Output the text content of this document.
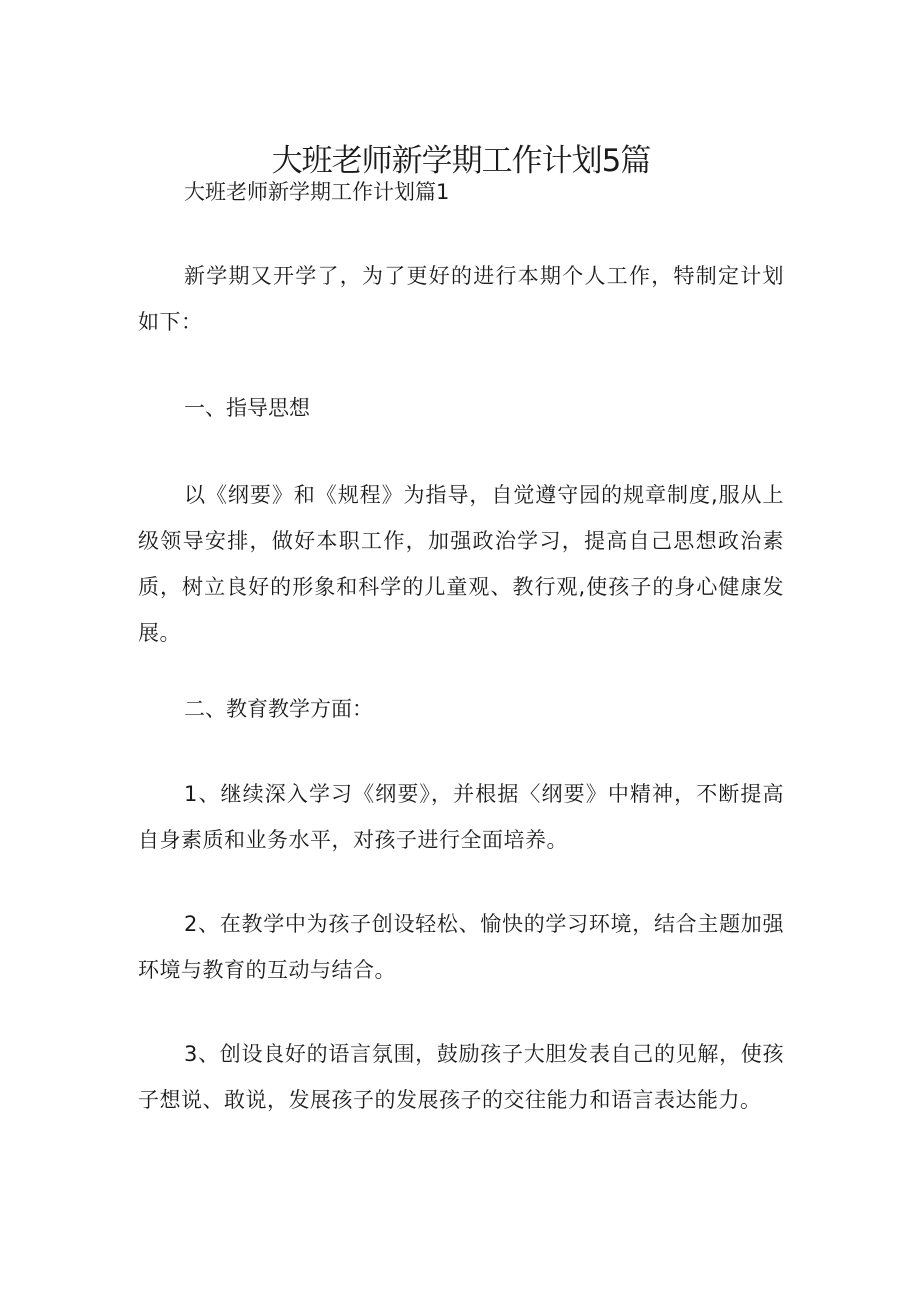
大班老师新学期工作计划5篇
大班老师新学期工作计划篇1

新学期又开学了，为了更好的进行本期个人工作，特制定计划如下：

一、指导思想

以《纲要》和《规程》为指导，自觉遵守园的规章制度,服从上级领导安排，做好本职工作，加强政治学习，提高自己思想政治素质，树立良好的形象和科学的儿童观、教行观,使孩子的身心健康发展。

二、教育教学方面：

1、继续深入学习《纲要》，并根据〈纲要》中精神，不断提高自身素质和业务水平，对孩子进行全面培养。

2、在教学中为孩子创设轻松、愉快的学习环境，结合主题加强环境与教育的互动与结合。

3、创设良好的语言氛围，鼓励孩子大胆发表自己的见解，使孩子想说、敢说，发展孩子的发展孩子的交往能力和语言表达能力。
